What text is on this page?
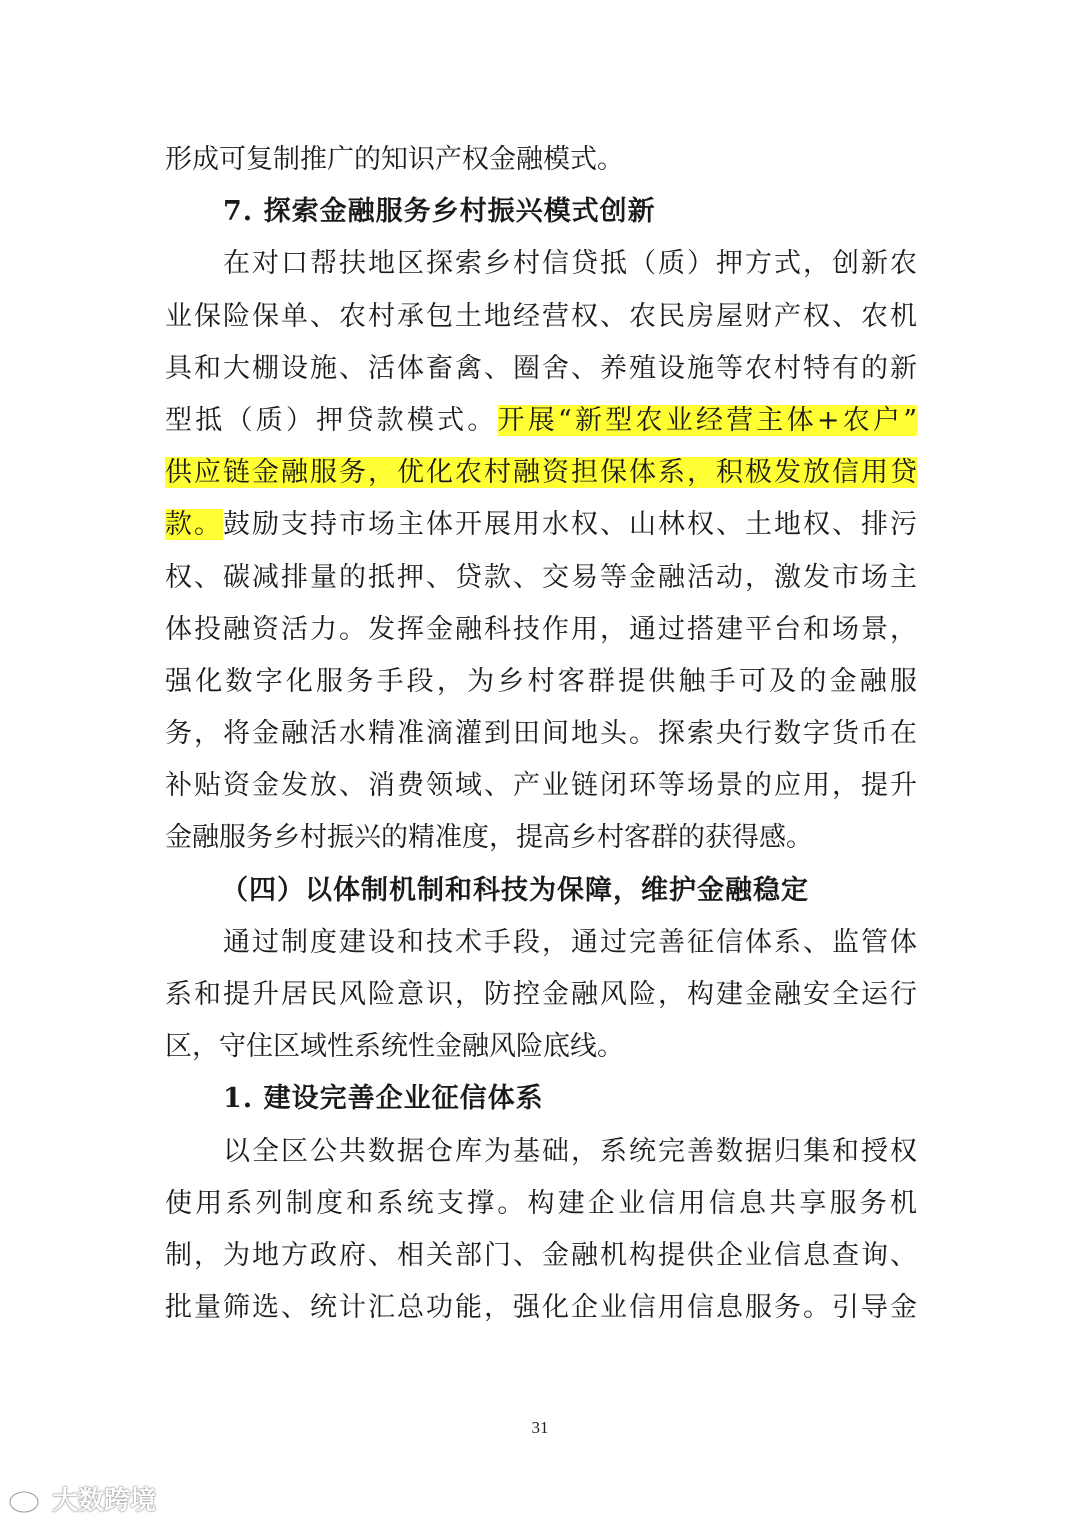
形成可复制推广的知识产权金融模式。
7. 探索金融服务乡村振兴模式创新
在对口帮扶地区探索乡村信贷抵（质）押方式，创新农
业保险保单、农村承包土地经营权、农民房屋财产权、农机
具和大棚设施、活体畜禽、圈舍、养殖设施等农村特有的新
型抵（质）押贷款模式。开展“新型农业经营主体+农户”
供应链金融服务，优化农村融资担保体系，积极发放信用贷
款。鼓励支持市场主体开展用水权、山林权、土地权、排污
权、碳减排量的抵押、贷款、交易等金融活动，激发市场主
体投融资活力。发挥金融科技作用，通过搭建平台和场景，
强化数字化服务手段，为乡村客群提供触手可及的金融服
务，将金融活水精准滴灌到田间地头。探索央行数字货币在
补贴资金发放、消费领域、产业链闭环等场景的应用，提升
金融服务乡村振兴的精准度，提高乡村客群的获得感。
（四）以体制机制和科技为保障，维护金融稳定
通过制度建设和技术手段，通过完善征信体系、监管体
系和提升居民风险意识，防控金融风险，构建金融安全运行
区，守住区域性系统性金融风险底线。
1. 建设完善企业征信体系
以全区公共数据仓库为基础，系统完善数据归集和授权
使用系列制度和系统支撑。构建企业信用信息共享服务机
制，为地方政府、相关部门、金融机构提供企业信息查询、
批量筛选、统计汇总功能，强化企业信用信息服务。引导金
31
大数跨境
